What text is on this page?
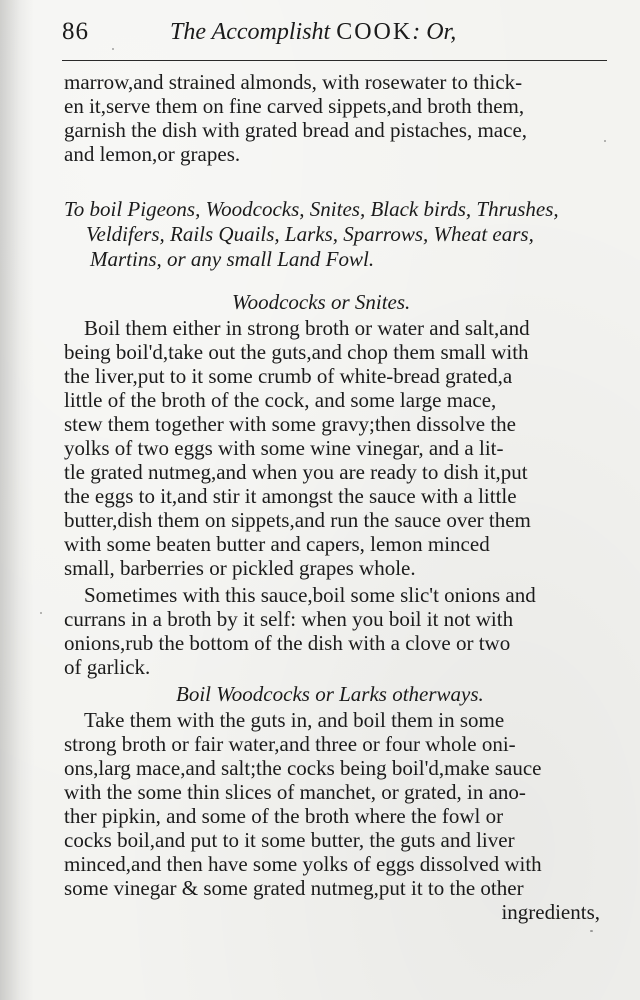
86	The Accomplisht COOK: Or,
marrow,and strained almonds, with rosewater to thick-
en it,serve them on fine carved sippets,and broth them,
garnish the dish with grated bread and pistaches, mace,
and lemon,or grapes.
To boil Pigeons, Woodcocks, Snites, Black birds, Thrushes,
Veldifers, Rails Quails, Larks, Sparrows, Wheat ears,
Martins, or any small Land Fowl.
Woodcocks or Snites.
Boil them either in strong broth or water and salt,and
being boil'd,take out the guts,and chop them small with
the liver,put to it some crumb of white-bread grated,a
little of the broth of the cock, and some large mace,
stew them together with some gravy;then dissolve the
yolks of two eggs with some wine vinegar, and a lit-
tle grated nutmeg,and when you are ready to dish it,put
the eggs to it,and stir it amongst the sauce with a little
butter,dish them on sippets,and run the sauce over them
with some beaten butter and capers, lemon minced
small, barberries or pickled grapes whole.
Sometimes with this sauce,boil some slic't onions and
currans in a broth by it self: when you boil it not with
onions,rub the bottom of the dish with a clove or two
of garlick.
Boil Woodcocks or Larks otherways.
Take them with the guts in, and boil them in some
strong broth or fair water,and three or four whole oni-
ons,larg mace,and salt;the cocks being boil'd,make sauce
with the some thin slices of manchet, or grated, in ano-
ther pipkin, and some of the broth where the fowl or
cocks boil,and put to it some butter, the guts and liver
minced,and then have some yolks of eggs dissolved with
some vinegar & some grated nutmeg,put it to the other
ingredients,
